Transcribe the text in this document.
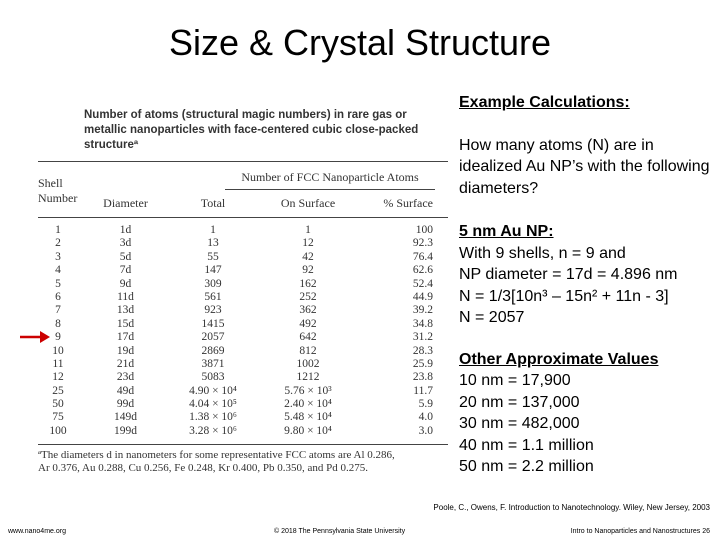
Size & Crystal Structure
Number of atoms (structural magic numbers) in rare gas or
metallic nanoparticles with face-centered cubic close-packed structureª
Shell
Number
Number of FCC Nanoparticle Atoms
Diameter	Total	On Surface	% Surface
1	1d	1	1	100
2	3d	13	12	92.3
3	5d	55	42	76.4
4	7d	147	92	62.6
5	9d	309	162	52.4
6	11d	561	252	44.9
7	13d	923	362	39.2
8	15d	1415	492	34.8
9	17d	2057	642	31.2
10	19d	2869	812	28.3
11	21d	3871	1002	25.9
12	23d	5083	1212	23.8
25	49d	4.90 × 10⁴	5.76 × 10³	11.7
50	99d	4.04 × 10⁵	2.40 × 10⁴	5.9
75	149d	1.38 × 10⁶	5.48 × 10⁴	4.0
100	199d	3.28 × 10⁶	9.80 × 10⁴	3.0
ªThe diameters d in nanometers for some representative FCC atoms are Al 0.286,
Ar 0.376, Au 0.288, Cu 0.256, Fe 0.248, Kr 0.400, Pb 0.350, and Pd 0.275.

Example Calculations:

How many atoms (N) are in idealized Au NP’s with the following diameters?

5 nm Au NP:

With 9 shells, n = 9 and

NP diameter = 17d = 4.896 nm

N = 1/3[10n³ – 15n² + 11n - 3]

N = 2057

Other Approximate Values

10 nm = 17,900

20 nm = 137,000

30 nm = 482,000

40 nm = 1.1 million

50 nm = 2.2 million

Poole, C., Owens, F. Introduction to Nanotechnology. Wiley, New Jersey, 2003
www.nano4me.org	© 2018 The Pennsylvania State University	Intro to Nanoparticles and Nanostructures 26
